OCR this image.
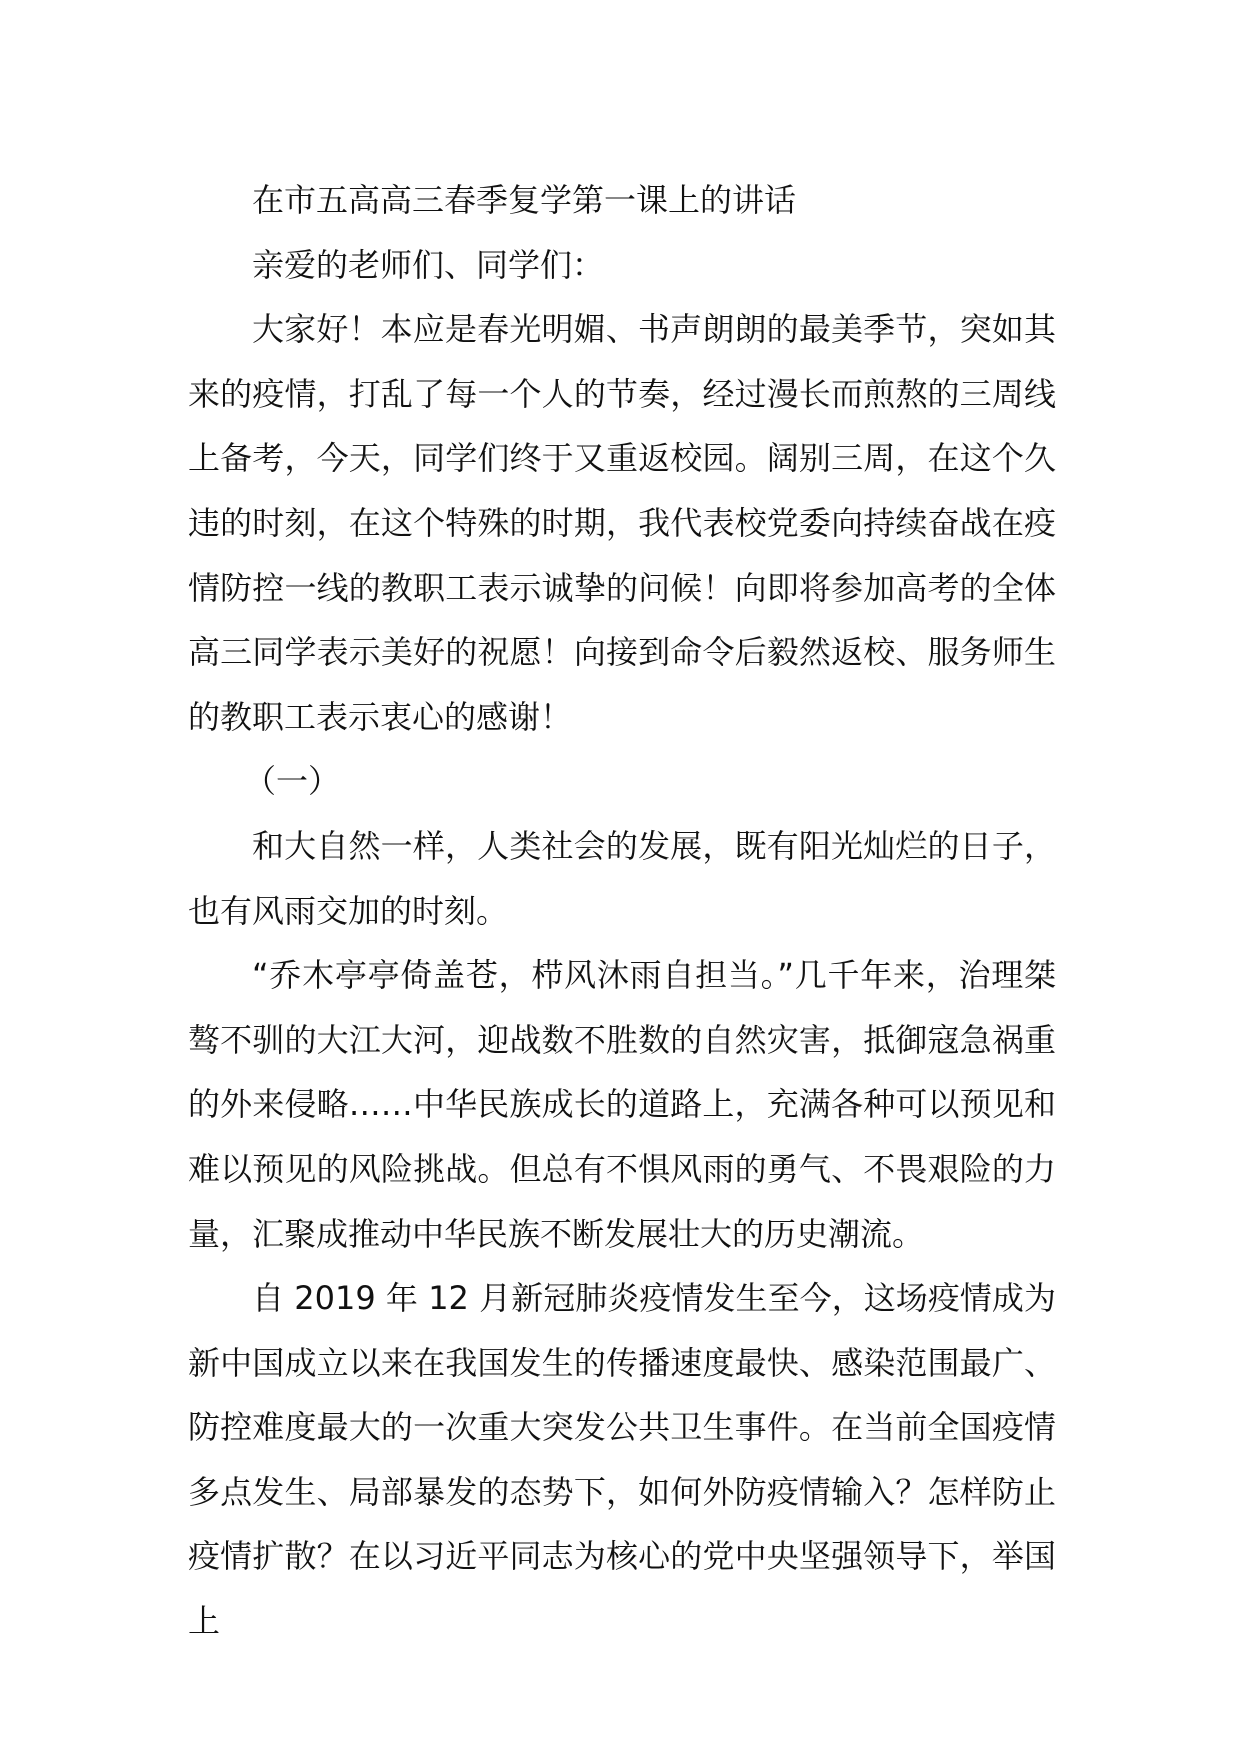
在市五高高三春季复学第一课上的讲话

亲爱的老师们、同学们：

大家好！本应是春光明媚、书声朗朗的最美季节，突如其来的疫情，打乱了每一个人的节奏，经过漫长而煎熬的三周线上备考，今天，同学们终于又重返校园。阔别三周，在这个久违的时刻，在这个特殊的时期，我代表校党委向持续奋战在疫情防控一线的教职工表示诚挚的问候！向即将参加高考的全体高三同学表示美好的祝愿！向接到命令后毅然返校、服务师生的教职工表示衷心的感谢！

（一）

和大自然一样，人类社会的发展，既有阳光灿烂的日子，也有风雨交加的时刻。

“乔木亭亭倚盖苍，栉风沐雨自担当。”几千年来，治理桀骜不驯的大江大河，迎战数不胜数的自然灾害，抵御寇急祸重的外来侵略……中华民族成长的道路上，充满各种可以预见和难以预见的风险挑战。但总有不惧风雨的勇气、不畏艰险的力量，汇聚成推动中华民族不断发展壮大的历史潮流。

自 2019 年 12 月新冠肺炎疫情发生至今，这场疫情成为新中国成立以来在我国发生的传播速度最快、感染范围最广、防控难度最大的一次重大突发公共卫生事件。在当前全国疫情多点发生、局部暴发的态势下，如何外防疫情输入？怎样防止疫情扩散？在以习近平同志为核心的党中央坚强领导下，举国上
